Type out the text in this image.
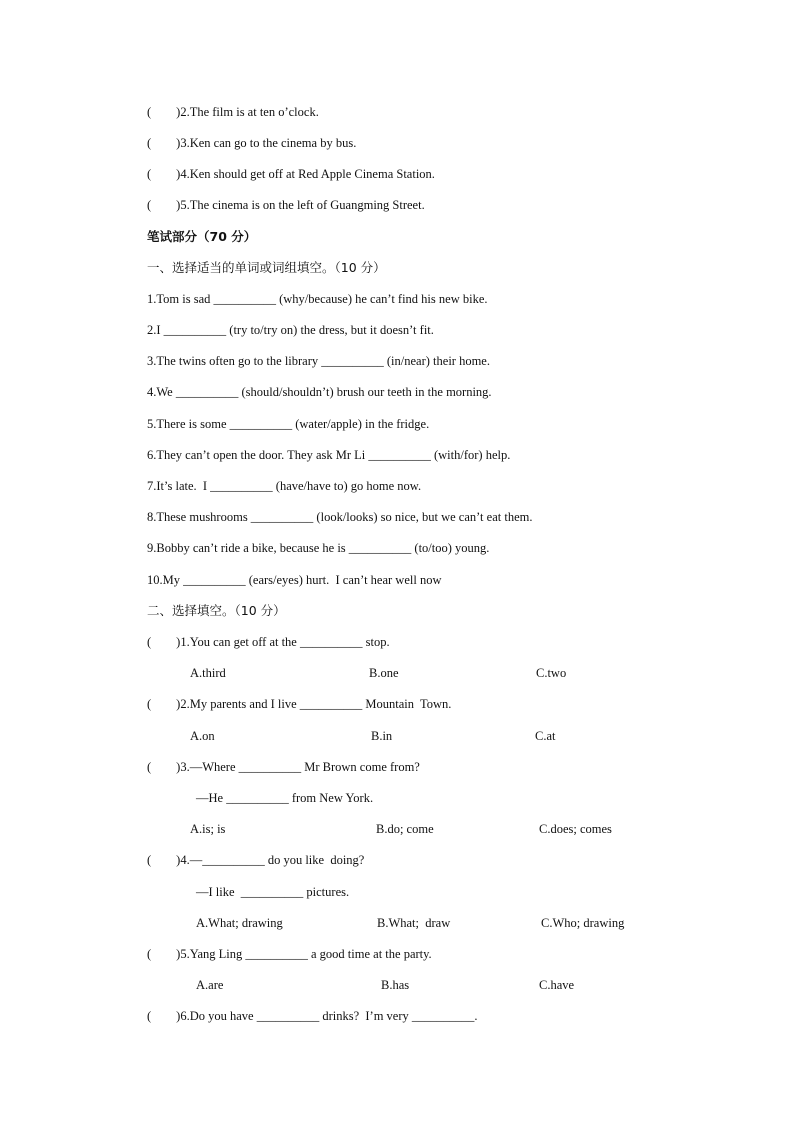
(        )2.The film is at ten o’clock.
(        )3.Ken can go to the cinema by bus.
(        )4.Ken should get off at Red Apple Cinema Station.
(        )5.The cinema is on the left of Guangming Street.
笔试部分（70 分）
一、选择适当的单词或词组填空。（10 分）
1.Tom is sad __________ (why/because) he can’t find his new bike.
2.I __________ (try to/try on) the dress, but it doesn’t fit.
3.The twins often go to the library __________ (in/near) their home.
4.We __________ (should/shouldn’t) brush our teeth in the morning.
5.There is some __________ (water/apple) in the fridge.
6.They can’t open the door. They ask Mr Li __________ (with/for) help.
7.It’s late.  I __________ (have/have to) go home now.
8.These mushrooms __________ (look/looks) so nice, but we can’t eat them.
9.Bobby can’t ride a bike, because he is __________ (to/too) young.
10.My __________ (ears/eyes) hurt.  I can’t hear well now
二、选择填空。（10 分）
(        )1.You can get off at the __________ stop.
A.third	B.one	C.two
(        )2.My parents and I live __________ Mountain  Town.
A.on	B.in	C.at
(        )3.—Where __________ Mr Brown come from?
—He __________ from New York.
A.is; is	B.do; come	C.does; comes
(        )4.—__________ do you like  doing?
—I like  __________ pictures.
A.What; drawing	B.What;  draw	C.Who; drawing
(        )5.Yang Ling __________ a good time at the party.
A.are	B.has	C.have
(        )6.Do you have __________ drinks?  I’m very __________.
